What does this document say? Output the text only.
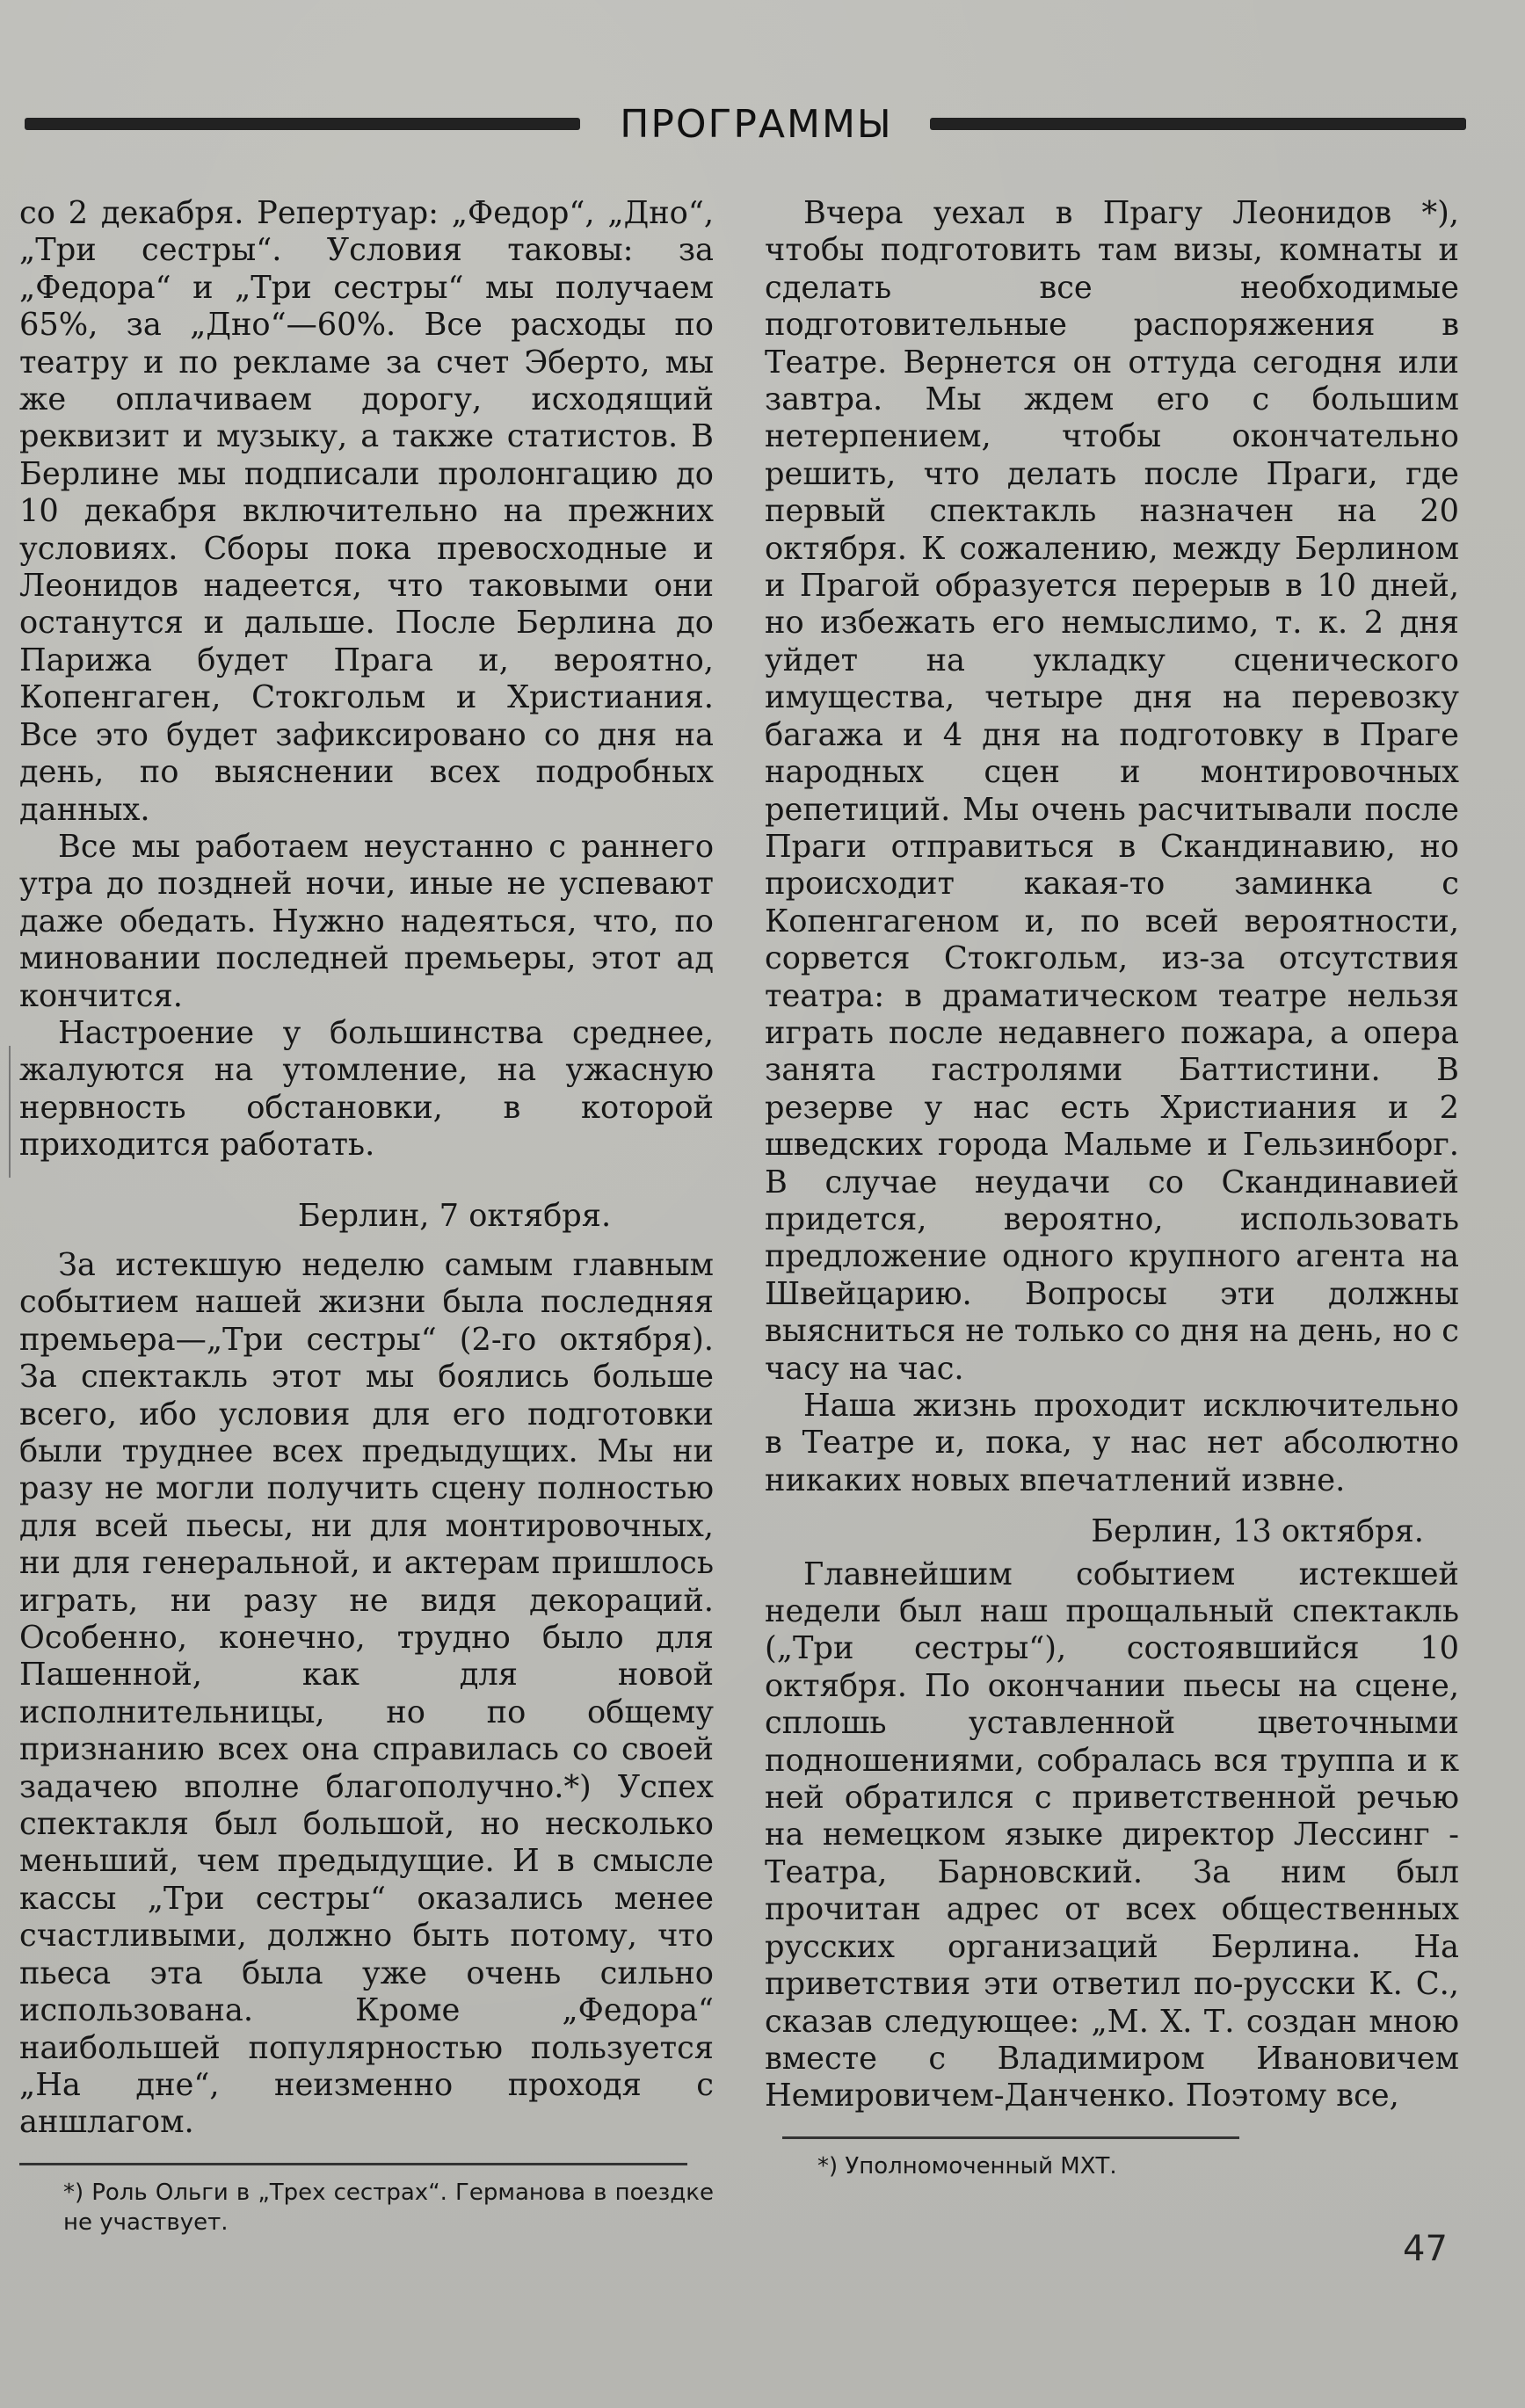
ПРОГРАММЫ

со 2 декабря. Репертуар: „Федор“, „Дно“, „Три сестры“. Условия таковы: за „Федора“ и „Три сестры“ мы получаем 65%, за „Дно“—60%. Все расходы по театру и по рекламе за счет Эберто, мы же оплачиваем дорогу, исходящий реквизит и музыку, а также статистов. В Берлине мы подписали пролонгацию до 10 декабря включительно на прежних условиях. Сборы пока превосходные и Леонидов надеется, что таковыми они останутся и дальше. После Берлина до Парижа будет Прага и, вероятно, Копенгаген, Стокгольм и Христиания. Все это будет зафиксировано со дня на день, по выяснении всех подробных данных.

Все мы работаем неустанно с раннего утра до поздней ночи, иные не успевают даже обедать. Нужно надеяться, что, по миновании последней премьеры, этот ад кончится.

Настроение у большинства среднее, жалуются на утомление, на ужасную нервность обстановки, в которой приходится работать.

Берлин, 7 октября.

За истекшую неделю самым главным событием нашей жизни была последняя премьера—„Три сестры“ (2-го октября). За спектакль этот мы боялись больше всего, ибо условия для его подготовки были труднее всех предыдущих. Мы ни разу не могли получить сцену полностью для всей пьесы, ни для монтировочных, ни для генеральной, и актерам пришлось играть, ни разу не видя декораций. Особенно, конечно, трудно было для Пашенной, как для новой исполнительницы, но по общему признанию всех она справилась со своей задачею вполне благополучно.*) Успех спектакля был большой, но несколько меньший, чем предыдущие. И в смысле кассы „Три сестры“ оказались менее счастливыми, должно быть потому, что пьеса эта была уже очень сильно использована. Кроме „Федора“ наибольшей популярностью пользуется „На дне“, неизменно проходя с аншлагом.

*) Роль Ольги в „Трех сестрах“. Германова в поездке не участвует.

Вчера уехал в Прагу Леонидов *), чтобы подготовить там визы, комнаты и сделать все необходимые подготовительные распоряжения в Театре. Вернется он оттуда сегодня или завтра. Мы ждем его с большим нетерпением, чтобы окончательно решить, что делать после Праги, где первый спектакль назначен на 20 октября. К сожалению, между Берлином и Прагой образуется перерыв в 10 дней, но избежать его немыслимо, т. к. 2 дня уйдет на укладку сценического имущества, четыре дня на перевозку багажа и 4 дня на подготовку в Праге народных сцен и монтировочных репетиций. Мы очень расчитывали после Праги отправиться в Скандинавию, но происходит какая-то заминка с Копенгагеном и, по всей вероятности, сорвется Стокгольм, из-за отсутствия театра: в драматическом театре нельзя играть после недавнего пожара, а опера занята гастролями Баттистини. В резерве у нас есть Христиания и 2 шведских города Мальме и Гельзинборг. В случае неудачи со Скандинавией придется, вероятно, использовать предложение одного крупного агента на Швейцарию. Вопросы эти должны выясниться не только со дня на день, но с часу на час.

Наша жизнь проходит исключительно в Театре и, пока, у нас нет абсолютно никаких новых впечатлений извне.

Берлин, 13 октября.

Главнейшим событием истекшей недели был наш прощальный спектакль („Три сестры“), состоявшийся 10 октября. По окончании пьесы на сцене, сплошь уставленной цветочными подношениями, собралась вся труппа и к ней обратился с приветственной речью на немецком языке директор Лессинг - Театра, Барновский. За ним был прочитан адрес от всех общественных русских организаций Берлина. На приветствия эти ответил по-русски К. С., сказав следующее: „М. Х. Т. создан мною вместе с Владимиром Ивановичем Немировичем-Данченко. Поэтому все,

*) Уполномоченный МХТ.

47
